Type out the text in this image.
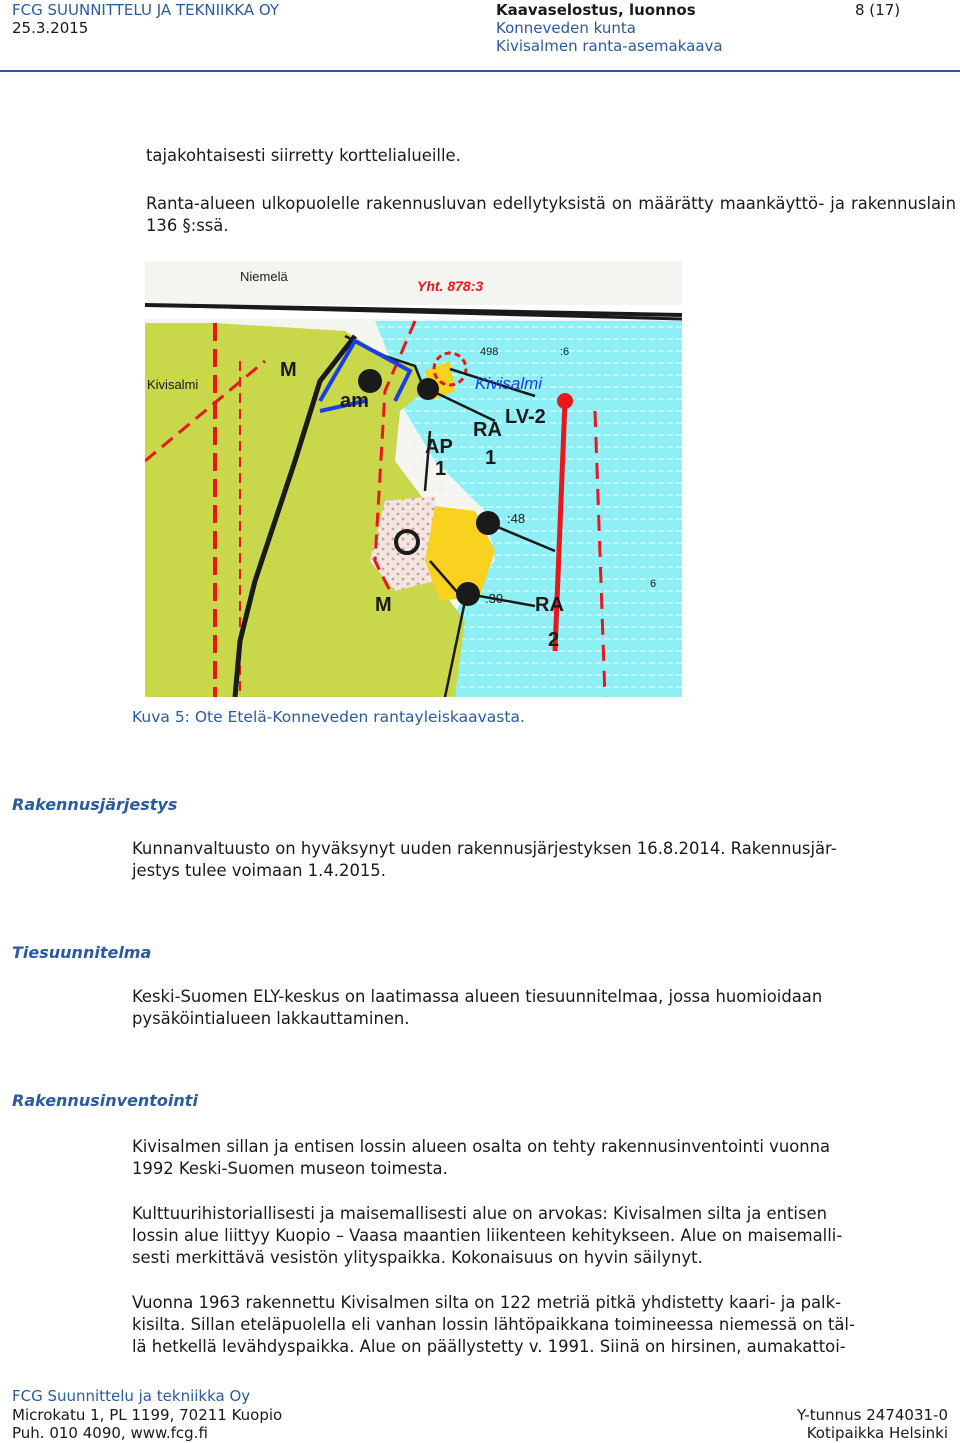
FCG SUUNNITTELU JA TEKNIIKKA OY
25.3.2015
Kaavaselostus, luonnos
Konneveden kunta
Kivisalmen ranta-asemakaava
8 (17)
tajakohtaisesti siirretty korttelialueille.
Ranta-alueen ulkopuolelle rakennusluvan edellytyksistä on määrätty maankäyttö- ja rakennuslain 136 §:ssä.
Niemelä
Yht. 878:3
Kivisalmi
M
am
498	:6
Kivisalmi
LV-2
AP
1
RA
1
:48
:30
6
M	RA
2
Kuva 5: Ote Etelä-Konneveden rantayleiskaavasta.
Rakennusjärjestys
Kunnanvaltuusto on hyväksynyt uuden rakennusjärjestyksen 16.8.2014. Rakennusjär-
jestys tulee voimaan 1.4.2015.
Tiesuunnitelma
Keski-Suomen ELY-keskus on laatimassa alueen tiesuunnitelmaa, jossa huomioidaan
pysäköintialueen lakkauttaminen.
Rakennusinventointi
Kivisalmen sillan ja entisen lossin alueen osalta on tehty rakennusinventointi vuonna
1992 Keski-Suomen museon toimesta.
Kulttuurihistoriallisesti ja maisemallisesti alue on arvokas: Kivisalmen silta ja entisen
lossin alue liittyy Kuopio – Vaasa maantien liikenteen kehitykseen. Alue on maisemalli-
sesti merkittävä vesistön ylityspaikka. Kokonaisuus on hyvin säilynyt.
Vuonna 1963 rakennettu Kivisalmen silta on 122 metriä pitkä yhdistetty kaari- ja palk-
kisilta. Sillan eteläpuolella eli vanhan lossin lähtöpaikkana toimineessa niemessä on täl-
lä hetkellä levähdyspaikka. Alue on päällystetty v. 1991. Siinä on hirsinen, aumakattoi-
FCG Suunnittelu ja tekniikka Oy
Microkatu 1, PL 1199, 70211 Kuopio
Puh. 010 4090, www.fcg.fi
Y-tunnus 2474031-0
Kotipaikka Helsinki
